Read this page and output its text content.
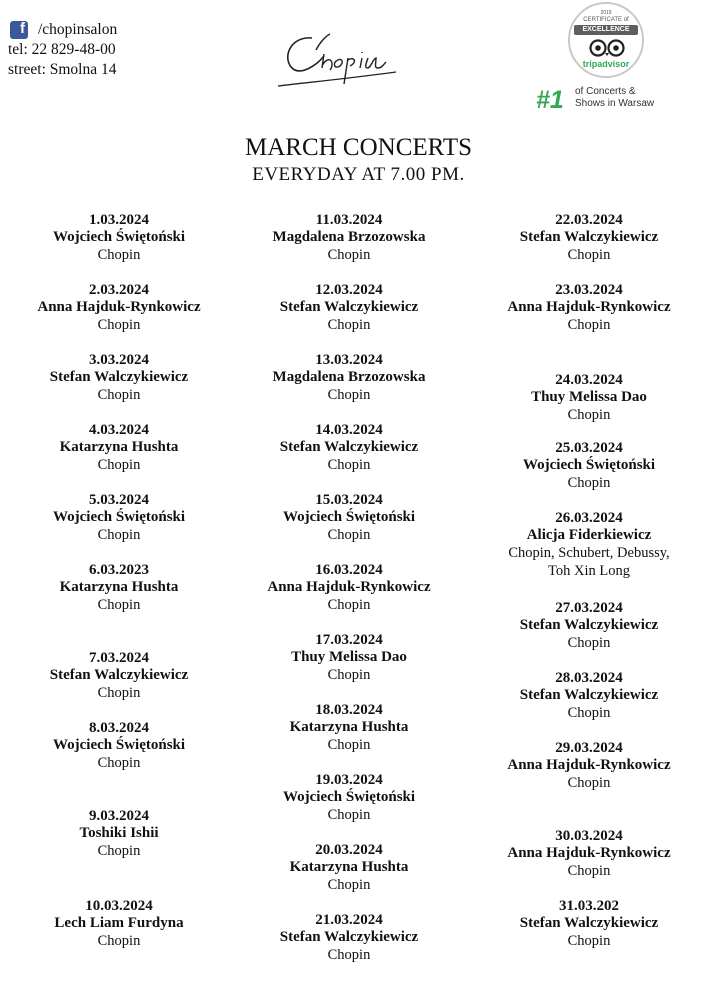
f /chopinsalon
tel: 22 829-48-00
street: Smolna 14
2019
CERTIFICATE of
EXCELLENCE
tripadvisor
#1 of Concerts &
Shows in Warsaw
MARCH CONCERTS
EVERYDAY AT 7.00 PM.
1.03.2024
Wojciech Świętoński
Chopin
2.03.2024
Anna Hajduk-Rynkowicz
Chopin
3.03.2024
Stefan Walczykiewicz
Chopin
4.03.2024
Katarzyna Hushta
Chopin
5.03.2024
Wojciech Świętoński
Chopin
6.03.2023
Katarzyna Hushta
Chopin
7.03.2024
Stefan Walczykiewicz
Chopin
8.03.2024
Wojciech Świętoński
Chopin
9.03.2024
Toshiki Ishii
Chopin
10.03.2024
Lech Liam Furdyna
Chopin
11.03.2024
Magdalena Brzozowska
Chopin
12.03.2024
Stefan Walczykiewicz
Chopin
13.03.2024
Magdalena Brzozowska
Chopin
14.03.2024
Stefan Walczykiewicz
Chopin
15.03.2024
Wojciech Świętoński
Chopin
16.03.2024
Anna Hajduk-Rynkowicz
Chopin
17.03.2024
Thuy Melissa Dao
Chopin
18.03.2024
Katarzyna Hushta
Chopin
19.03.2024
Wojciech Świętoński
Chopin
20.03.2024
Katarzyna Hushta
Chopin
21.03.2024
Stefan Walczykiewicz
Chopin
22.03.2024
Stefan Walczykiewicz
Chopin
23.03.2024
Anna Hajduk-Rynkowicz
Chopin
24.03.2024
Thuy Melissa Dao
Chopin
25.03.2024
Wojciech Świętoński
Chopin
26.03.2024
Alicja Fiderkiewicz
Chopin, Schubert, Debussy,
Toh Xin Long
27.03.2024
Stefan Walczykiewicz
Chopin
28.03.2024
Stefan Walczykiewicz
Chopin
29.03.2024
Anna Hajduk-Rynkowicz
Chopin
30.03.2024
Anna Hajduk-Rynkowicz
Chopin
31.03.202
Stefan Walczykiewicz
Chopin
